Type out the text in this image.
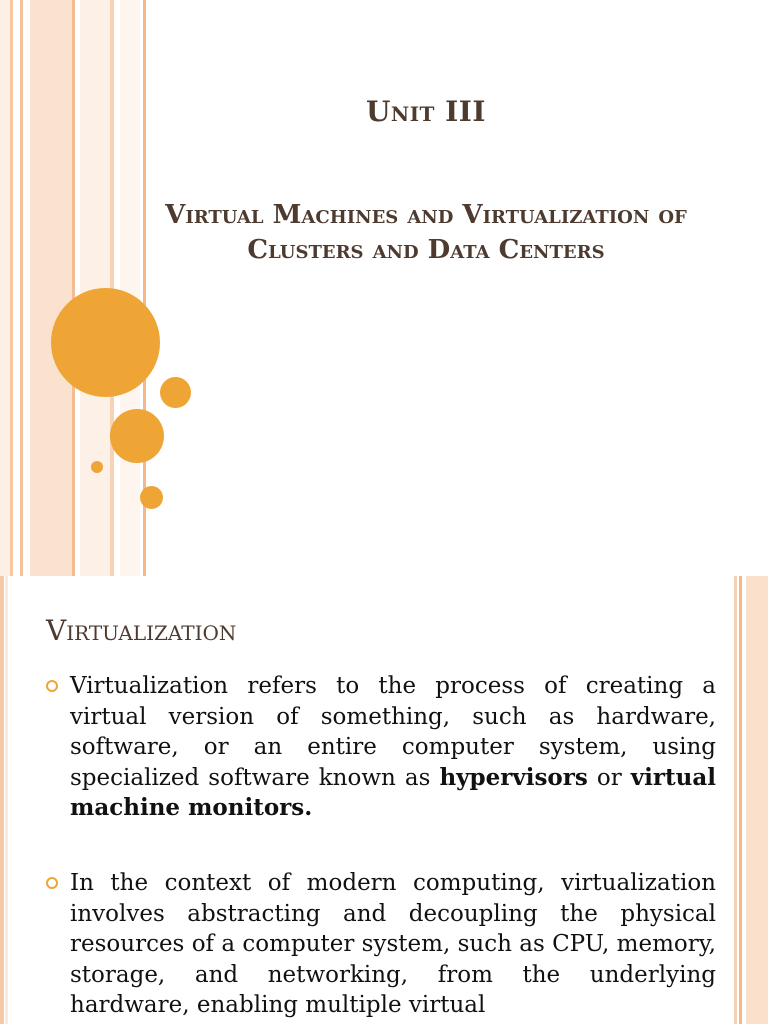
Unit III
Virtual Machines and Virtualization of Clusters and Data Centers
Virtualization
Virtualization refers to the process of creating a virtual version of something, such as hardware, software, or an entire computer system, using specialized software known as hypervisors or virtual machine monitors.
In the context of modern computing, virtualization involves abstracting and decoupling the physical resources of a computer system, such as CPU, memory, storage, and networking, from the underlying hardware, enabling multiple virtual
